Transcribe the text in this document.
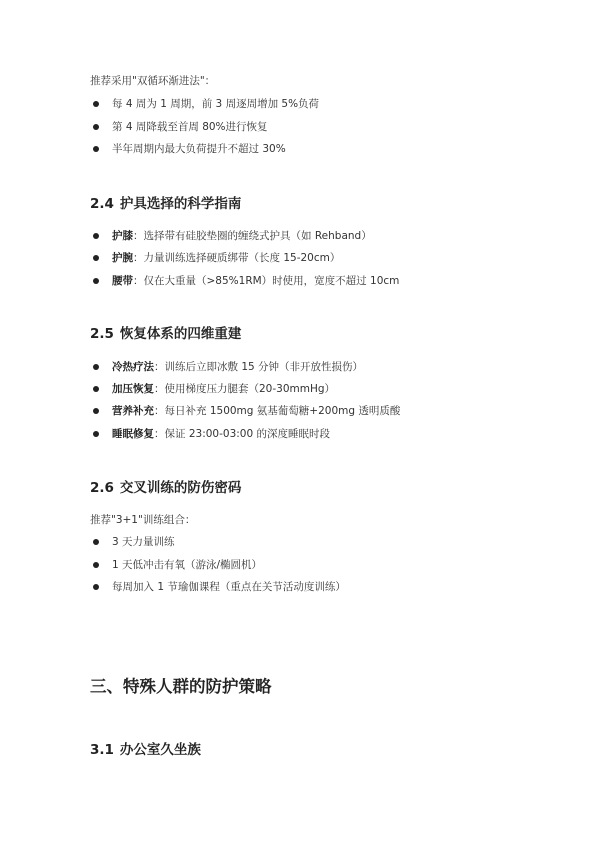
推荐采用"双循环渐进法"：
每 4 周为 1 周期，前 3 周逐周增加 5%负荷
第 4 周降载至首周 80%进行恢复
半年周期内最大负荷提升不超过 30%
2.4 护具选择的科学指南
护膝：选择带有硅胶垫圈的缠绕式护具（如 Rehband）
护腕：力量训练选择硬质绑带（长度 15-20cm）
腰带：仅在大重量（>85%1RM）时使用，宽度不超过 10cm
2.5 恢复体系的四维重建
冷热疗法：训练后立即冰敷 15 分钟（非开放性损伤）
加压恢复：使用梯度压力腿套（20-30mmHg）
营养补充：每日补充 1500mg 氨基葡萄糖+200mg 透明质酸
睡眠修复：保证 23:00-03:00 的深度睡眠时段
2.6 交叉训练的防伤密码
推荐"3+1"训练组合：
3 天力量训练
1 天低冲击有氧（游泳/椭圆机）
每周加入 1 节瑜伽课程（重点在关节活动度训练）
三、特殊人群的防护策略
3.1 办公室久坐族
